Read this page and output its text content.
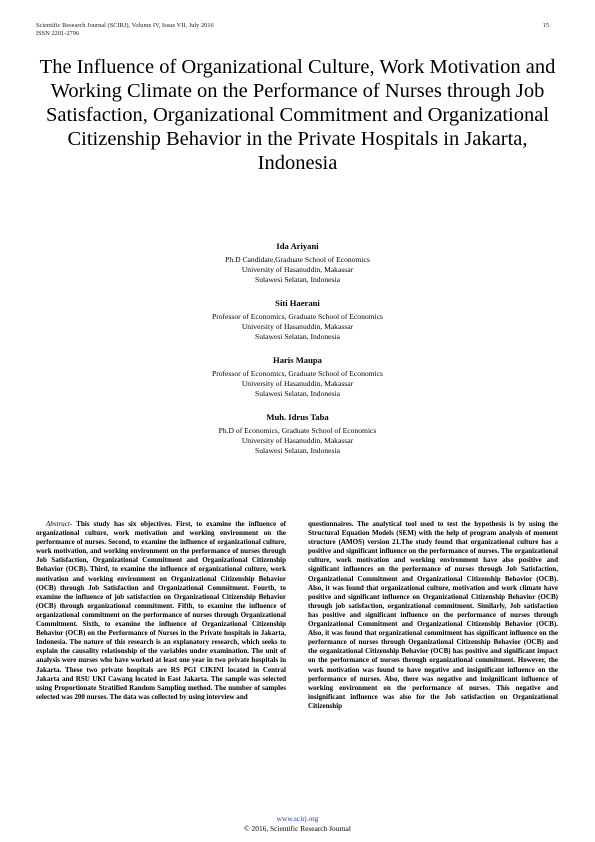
Scientific Research Journal (SCIRJ), Volume IV, Issue VII, July 2016
ISSN 2201-2796
15
The Influence of Organizational Culture, Work Motivation and Working Climate on the Performance of Nurses through Job Satisfaction, Organizational Commitment and Organizational Citizenship Behavior in the Private Hospitals in Jakarta, Indonesia
Ida Ariyani
Ph.D Candidate,Graduate School of Economics
University of Hasanuddin, Makassar
Sulawesi Selatan, Indonesia
Siti Haerani
Professor of Economics, Graduate School of Economics
University of Hasanuddin, Makassar
Sulawesi Selatan, Indonesia
Haris Maupa
Professor of Economics, Graduate School of Economics
University of Hasanuddin, Makassar
Sulawesi Selatan, Indonesia
Muh. Idrus Taba
Ph.D of Economics, Graduate School of Economics
University of Hasanuddin, Makassar
Sulawesi Selatan, Indonesia
Abstract- This study has six objectives. First, to examine the influence of organizational culture, work motivation and working environment on the performance of nurses. Second, to examine the influence of organizational culture, work motivation, and working environment on the performance of nurses through Job Satisfaction, Organizational Commitment and Organizational Citizenship Behavior (OCB). Third, to examine the influence of organizational culture, work motivation and working environment on Organizational Citizenship Behavior (OCB) through Job Satisfaction and Organizational Commitment. Fourth, to examine the influence of job satisfaction on Organizational Citizenship Behavior (OCB) through organizational commitment. Fifth, to examine the influence of organizational commitment on the performance of nurses through Organizational Commitment. Sixth, to examine the influence of Organizational Citizenship Behavior (OCB) on the Performance of Nurses in the Private hospitals in Jakarta, Indonesia. The nature of this research is an explanatory research, which seeks to explain the causality relationship of the variables under examination. The unit of analysis were nurses who have worked at least one year in two private hospitals in Jakarta. These two private hospitals are RS PGI CIKINI located in Central Jakarta and RSU UKI Cawang located in East Jakarta. The sample was selected using Proportionate Stratified Random Sampling method. The number of samples selected was 200 nurses. The data was collected by using interview and
questionnaires. The analytical tool used to test the hypothesis is by using the Structural Equation Models (SEM) with the help of program analysis of moment structure (AMOS) version 21.The study found that organizational culture has a positive and significant influence on the performance of nurses. The organizational culture, work motivation and working environment have also positive and significant influences on the performance of nurses through Job Satisfaction, Organizational Commitment and Organizational Citizenship Behavior (OCB). Also, it was found that organizational culture, motivation and work climate have positive and significant influence on Organizational Citizenship Behavior (OCB) through job satisfaction, organizational commitment. Similarly, Job satisfaction has positive and significant influence on the performance of nurses through Organizational Commitment and Organizational Citizenship Behavior (OCB). Also, it was found that organizational commitment has significant influence on the performance of nurses through Organizational Citizenship Behavior (OCB) and the organizational Citizenship Behavior (OCB) has positive and significant impact on the performance of nurses through organizational commitment. However, the work motivation was found to have negative and insignificant influence on the performance of nurses. Also, there was negative and insignificant influence of working environment on the performance of nurses. This negative and insignificant influence was also for the Job satisfaction on Organizational Citizenship
www.scirj.org
© 2016, Scientific Research Journal
